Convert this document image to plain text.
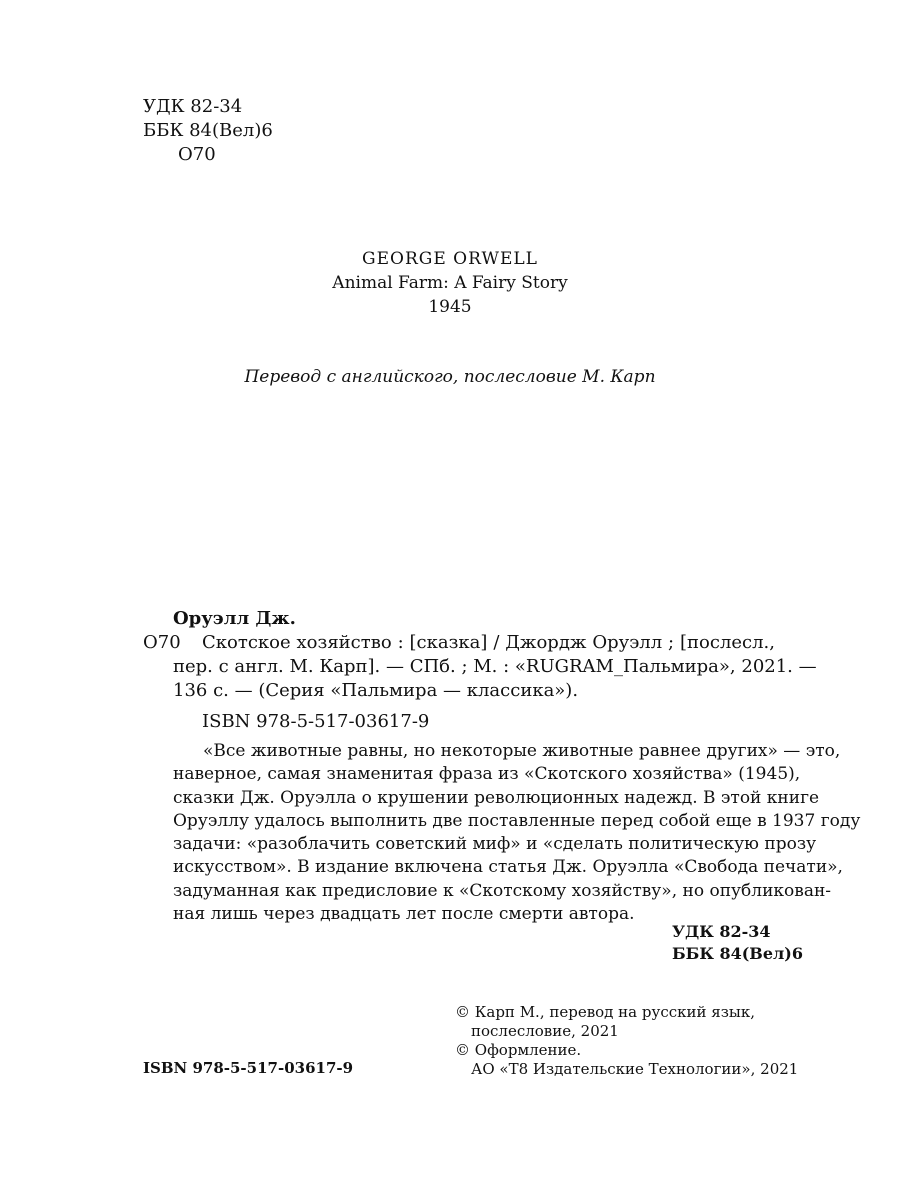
УДК 82-34
ББК 84(Вел)6
О70
GEORGE ORWELL
Animal Farm: A Fairy Story
1945
Перевод с английского, послесловие М. Карп
Оруэлл Дж.
О70	Скотское хозяйство : [сказка] / Джордж Оруэлл ; [послесл.,
пер. с англ. М. Карп]. — СПб. ; М. : «RUGRAM_Пальмира», 2021. —
136 с. — (Серия «Пальмира — классика»).
ISBN 978-5-517-03617-9
«Все животные равны, но некоторые животные равнее других» — это,
наверное, самая знаменитая фраза из «Скотского хозяйства» (1945),
сказки Дж. Оруэлла о крушении революционных надежд. В этой книге
Оруэллу удалось выполнить две поставленные перед собой еще в 1937 году
задачи: «разоблачить советский миф» и «сделать политическую прозу
искусством». В издание включена статья Дж. Оруэлла «Свобода печати»,
задуманная как предисловие к «Скотскому хозяйству», но опубликован-
ная лишь через двадцать лет после смерти автора.
УДК 82-34
ББК 84(Вел)6
ISBN 978-5-517-03617-9
© Карп М., перевод на русский язык,
послесловие, 2021
© Оформление.
АО «Т8 Издательские Технологии», 2021
